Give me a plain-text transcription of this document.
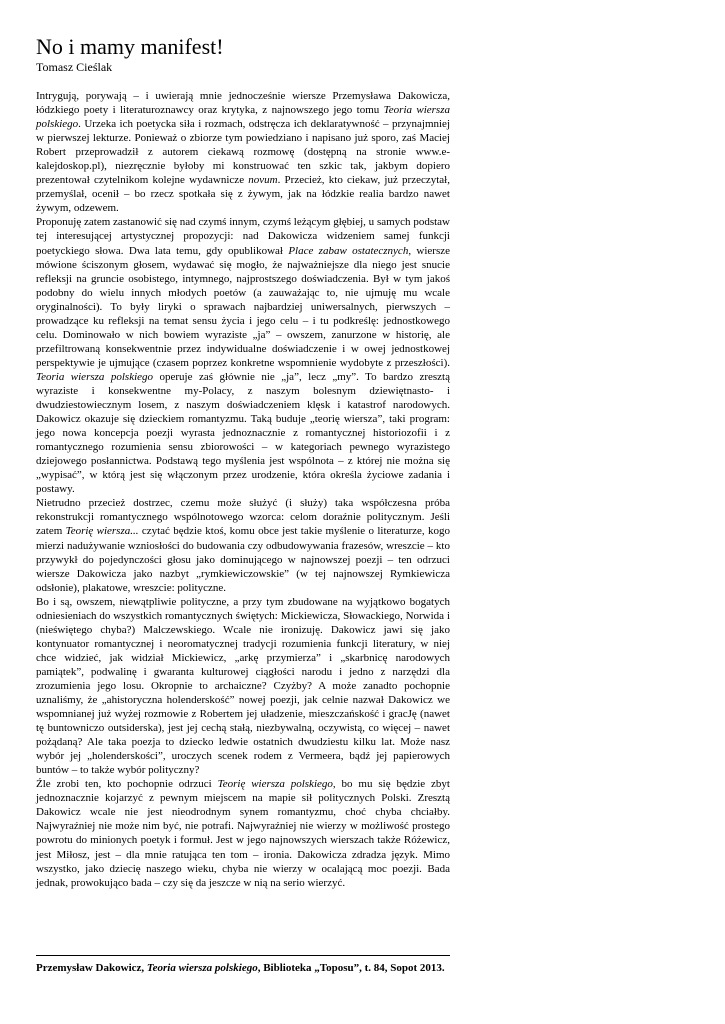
No i mamy manifest!

Tomasz Cieślak

Intrygują, porywają – i uwierają mnie jednocześnie wiersze Przemysława Dakowicza, łódzkiego poety i literaturoznawcy oraz krytyka, z najnowszego jego tomu Teoria wiersza polskiego. Urzeka ich poetycka siła i rozmach, odstręcza ich deklaratywność – przynajmniej w pierwszej lekturze. Ponieważ o zbiorze tym powiedziano i napisano już sporo, zaś Maciej Robert przeprowadził z autorem ciekawą rozmowę (dostępną na stronie www.e-kalejdoskop.pl), niezręcznie byłoby mi konstruować ten szkic tak, jakbym dopiero prezentował czytelnikom kolejne wydawnicze novum. Przecież, kto ciekaw, już przeczytał, przemyślał, ocenił – bo rzecz spotkała się z żywym, jak na łódzkie realia bardzo nawet żywym, odzewem.

Proponuję zatem zastanowić się nad czymś innym, czymś leżącym głębiej, u samych podstaw tej interesującej artystycznej propozycji: nad Dakowicza widzeniem samej funkcji poetyckiego słowa. Dwa lata temu, gdy opublikował Place zabaw ostatecznych, wiersze mówione ściszonym głosem, wydawać się mogło, że najważniejsze dla niego jest snucie refleksji na gruncie osobistego, intymnego, najprostszego doświadczenia. Był w tym jakoś podobny do wielu innych młodych poetów (a zauważając to, nie ujmuję mu wcale oryginalności). To były liryki o sprawach najbardziej uniwersalnych, pierwszych – prowadzące ku refleksji na temat sensu życia i jego celu – i tu podkreślę: jednostkowego celu. Dominowało w nich bowiem wyraziste „ja” – owszem, zanurzone w historię, ale przefiltrowaną konsekwentnie przez indywidualne doświadczenie i w owej jednostkowej perspektywie je ujmujące (czasem poprzez konkretne wspomnienie wydobyte z przeszłości). Teoria wiersza polskiego operuje zaś głównie nie „ja”, lecz „my”. To bardzo zresztą wyraziste i konsekwentne my-Polacy, z naszym bolesnym dziewiętnasto- i dwudziestowiecznym losem, z naszym doświadczeniem klęsk i katastrof narodowych. Dakowicz okazuje się dzieckiem romantyzmu. Taką buduje „teorię wiersza”, taki program: jego nowa koncepcja poezji wyrasta jednoznacznie z romantycznej historiozofii i z romantycznego rozumienia sensu zbiorowości – w kategoriach pewnego wyrazistego dziejowego posłannictwa. Podstawą tego myślenia jest wspólnota – z której nie można się „wypisać”, w którą jest się włączonym przez urodzenie, która określa życiowe zadania i postawy.

Nietrudno przecież dostrzec, czemu może służyć (i służy) taka współczesna próba rekonstrukcji romantycznego wspólnotowego wzorca: celom doraźnie politycznym. Jeśli zatem Teorię wiersza... czytać będzie ktoś, komu obce jest takie myślenie o literaturze, kogo mierzi nadużywanie wzniosłości do budowania czy odbudowywania frazesów, wreszcie – kto przywykł do pojedynczości głosu jako dominującego w najnowszej poezji – ten odrzuci wiersze Dakowicza jako nazbyt „rymkiewiczowskie” (w tej najnowszej Rymkiewicza odsłonie), plakatowe, wreszcie: polityczne.

Bo i są, owszem, niewątpliwie polityczne, a przy tym zbudowane na wyjątkowo bogatych odniesieniach do wszystkich romantycznych świętych: Mickiewicza, Słowackiego, Norwida i (nieświętego chyba?) Malczewskiego. Wcale nie ironizuję. Dakowicz jawi się jako kontynuator romantycznej i neoromatycznej tradycji rozumienia funkcji literatury, w niej chce widzieć, jak widział Mickiewicz, „arkę przymierza” i „skarbnicę narodowych pamiątek”, podwalinę i gwaranta kulturowej ciągłości narodu i jedno z narzędzi dla zrozumienia jego losu. Okropnie to archaiczne? Czyżby? A może zanadto pochopnie uznaliśmy, że „ahistoryczna holenderskość” nowej poezji, jak celnie nazwał Dakowicz we wspomnianej już wyżej rozmowie z Robertem jej uładzenie, mieszczańskość i gracJę (nawet tę buntowniczo outsiderska), jest jej cechą stałą, niezbywalną, oczywistą, co więcej – nawet pożądaną? Ale taka poezja to dziecko ledwie ostatnich dwudziestu kilku lat. Może nasz wybór jej „holenderskości”, uroczych scenek rodem z Vermeera, bądź jej papierowych buntów – to także wybór polityczny?

Źle zrobi ten, kto pochopnie odrzuci Teorię wiersza polskiego, bo mu się będzie zbyt jednoznacznie kojarzyć z pewnym miejscem na mapie sił politycznych Polski. Zresztą Dakowicz wcale nie jest nieodrodnym synem romantyzmu, choć chyba chciałby. Najwyraźniej nie może nim być, nie potrafi. Najwyraźniej nie wierzy w możliwość prostego powrotu do minionych poetyk i formuł. Jest w jego najnowszych wierszach także Różewicz, jest Miłosz, jest – dla mnie ratująca ten tom – ironia. Dakowicza zdradza język. Mimo wszystko, jako dziecię naszego wieku, chyba nie wierzy w ocalającą moc poezji. Bada jednak, prowokująco bada – czy się da jeszcze w nią na serio wierzyć.

Przemysław Dakowicz, Teoria wiersza polskiego, Biblioteka „Toposu”, t. 84, Sopot 2013.
